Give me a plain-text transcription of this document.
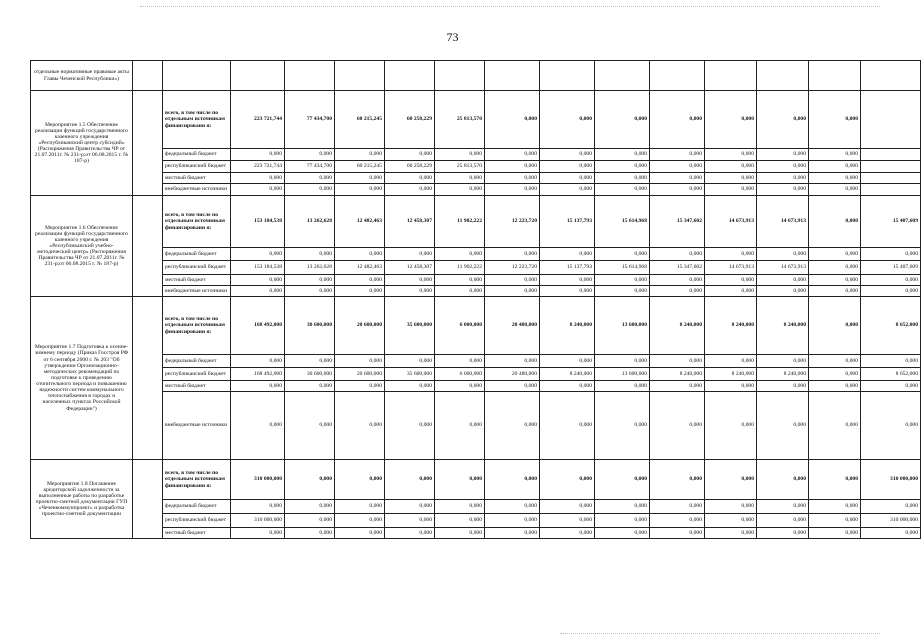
73
отдельные нормативные правовые акты Главы Чеченской Республики»)															
Мероприятие 1.5 Обеспечение реализации функций государственного казенного учреждения «Республиканский центр субсидий» (Распоряжения Правительства ЧР от 21.07.2011г. № 231-р;от 06.08.2015 г. № 187-р)		всего, в том числе по отдельным источникам финансировани я:	223 721,744	77 434,700	60 215,245	60 258,229	25 813,570	0,000	0,000	0,000	0,000	0,000	0,000	0,000	
		федеральный бюджет	0,000	0,000	0,000	0,000	0,000	0,000	0,000	0,000	0,000	0,000	0,000	0,000	
		республиканский бюджет	223 721,744	77 434,700	60 215,245	60 258,229	25 813,570	0,000	0,000	0,000	0,000	0,000	0,000	0,000	
		местный бюджет	0,000	0,000	0,000	0,000	0,000	0,000	0,000	0,000	0,000	0,000	0,000	0,000	
		внебюджетные источники	0,000	0,000	0,000	0,000	0,000	0,000	0,000	0,000	0,000	0,000	0,000	0,000	
Мероприятие 1.6 Обеспечение реализации функций государственного казенного учреждения «Республиканский учебно-методический центр» (Распоряжения Правительства ЧР от 21.07.2011г. № 231-р;от 06.08.2015 г. № 187-р)		всего, в том числе по отдельным источникам финансировани я:	153 184,538	13 262,628	12 482,463	12 458,307	11 902,222	12 223,720	15 137,793	15 614,968	15 347,602	14 673,913	14 673,913	0,000	15 407,609
		федеральный бюджет	0,000	0,000	0,000	0,000	0,000	0,000	0,000	0,000	0,000	0,000	0,000	0,000	0,000
		республиканский бюджет	153 184,538	13 262,628	12 482,463	12 458,307	11 902,222	12 223,720	15 137,793	15 614,968	15 347,602	14 673,913	14 673,913	0,000	15 407,609
		местный бюджет	0,000	0,000	0,000	0,000	0,000	0,000	0,000	0,000	0,000	0,000	0,000	0,000	0,000
		внебюджетные источники	0,000	0,000	0,000	0,000	0,000	0,000	0,000	0,000	0,000	0,000	0,000	0,000	0,000
Мероприятие 1.7 Подготовка к осенне-зимнему периоду (Приказ Госстроя РФ от 6 сентября 2000 г. № 203 "Об утверждении Организационно-методических рекомендаций по подготовке к проведению отопительного периода и повышению надежности систем коммунального теплоснабжения в городах и населенных пунктах Российской Федерации")		всего, в том числе по отдельным источникам финансировани я:	168 492,000	30 600,000	20 600,000	35 600,000	6 000,000	20 480,000	8 240,000	13 600,000	8 240,000	8 240,000	8 240,000	0,000	8 652,000
		федеральный бюджет	0,000	0,000	0,000	0,000	0,000	0,000	0,000	0,000	0,000	0,000	0,000	0,000	0,000
		республиканский бюджет	168 492,000	30 600,000	20 600,000	35 600,000	6 000,000	20 480,000	8 240,000	13 600,000	8 240,000	8 240,000	8 240,000	0,000	8 652,000
		местный бюджет	0,000	0,000	0,000	0,000	0,000	0,000	0,000	0,000	0,000	0,000	0,000	0,000	0,000
		внебюджетные источники	0,000	0,000	0,000	0,000	0,000	0,000	0,000	0,000	0,000	0,000	0,000	0,000	0,000
Мероприятие 1.8 Погашение кредиторской задолженности за выполненные работы по разработке проектно-сметной документации ГУП «Чеченкоммунпроект» и разработка проектно-сметной документации		всего, в том числе по отдельным источникам финансировани я:	310 000,000	0,000	0,000	0,000	0,000	0,000	0,000	0,000	0,000	0,000	0,000	0,000	310 000,000
		федеральный бюджет	0,000	0,000	0,000	0,000	0,000	0,000	0,000	0,000	0,000	0,000	0,000	0,000	0,000
		республиканский бюджет	310 000,000	0,000	0,000	0,000	0,000	0,000	0,000	0,000	0,000	0,000	0,000	0,000	310 000,000
		местный бюджет	0,000	0,000	0,000	0,000	0,000	0,000	0,000	0,000	0,000	0,000	0,000	0,000	0,000
